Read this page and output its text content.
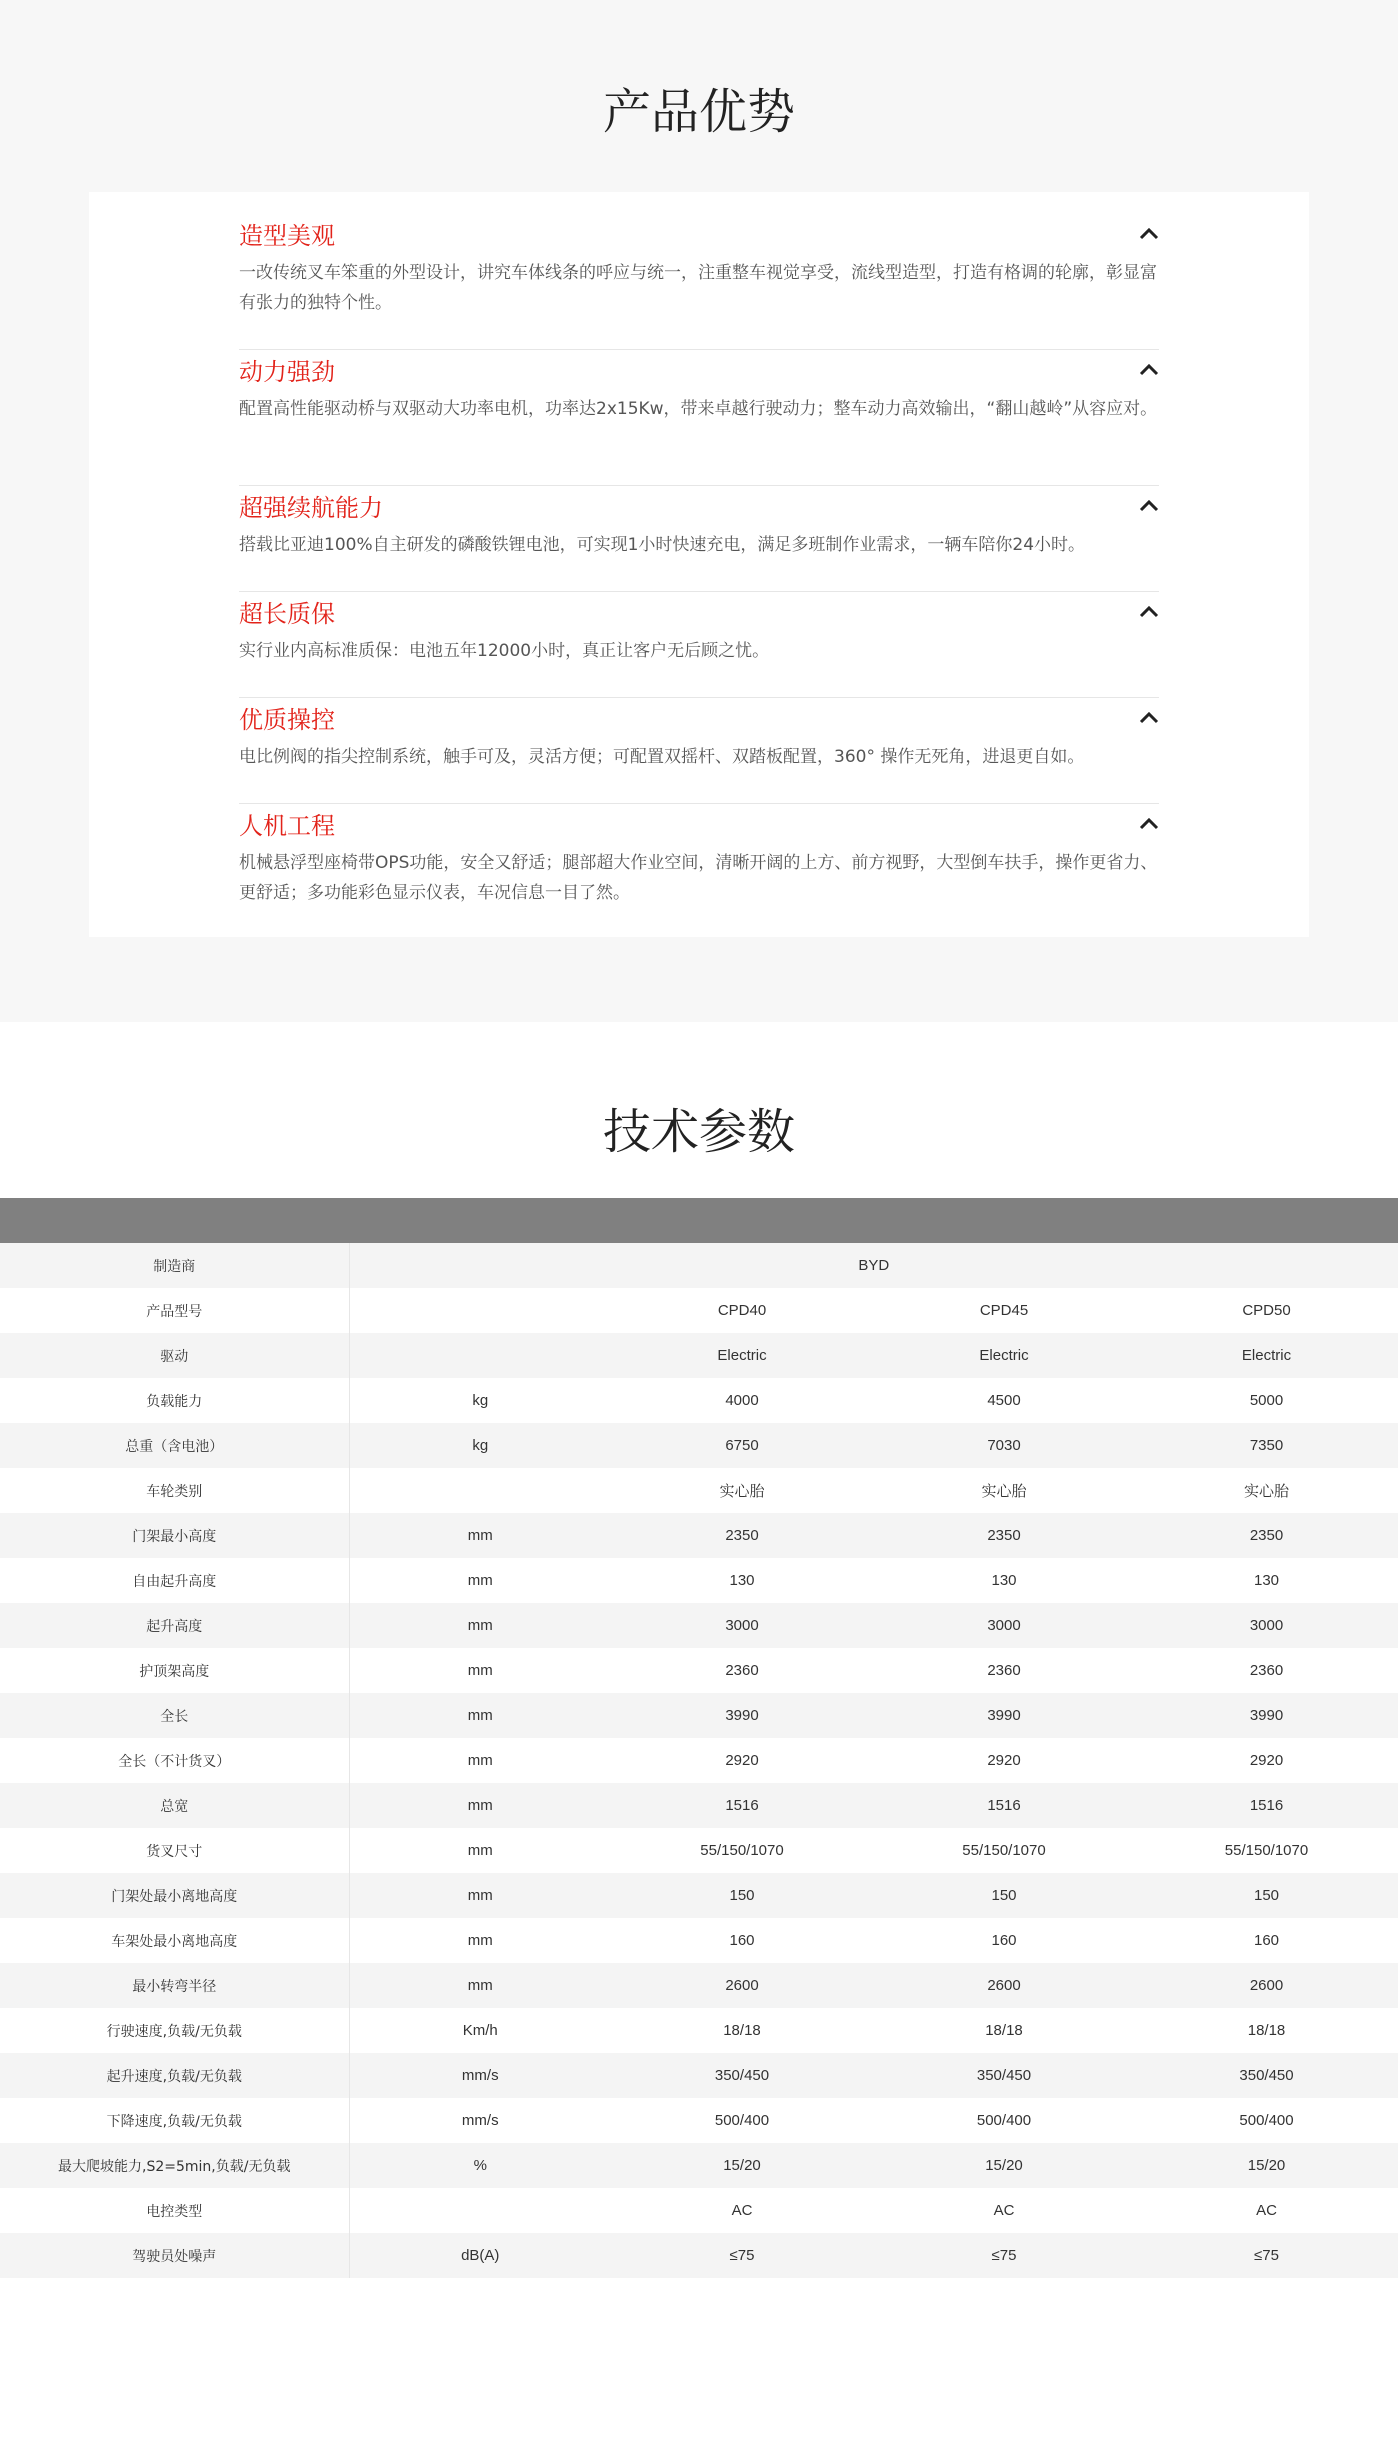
产品优势
造型美观

一改传统叉车笨重的外型设计，讲究车体线条的呼应与统一，注重整车视觉享受，流线型造型，打造有格调的轮廓，彰显富有张力的独特个性。

动力强劲

配置高性能驱动桥与双驱动大功率电机，功率达2x15Kw，带来卓越行驶动力；整车动力高效输出，“翻山越岭”从容应对。

超强续航能力

搭载比亚迪100%自主研发的磷酸铁锂电池，可实现1小时快速充电，满足多班制作业需求，一辆车陪你24小时。

超长质保

实行业内高标准质保：电池五年12000小时，真正让客户无后顾之忧。

优质操控

电比例阀的指尖控制系统，触手可及，灵活方便；可配置双摇杆、双踏板配置，360° 操作无死角，进退更自如。

人机工程

机械悬浮型座椅带OPS功能，安全又舒适；腿部超大作业空间，清晰开阔的上方、前方视野，大型倒车扶手，操作更省力、更舒适；多功能彩色显示仪表，车况信息一目了然。

技术参数
制造商	BYD			
产品型号		CPD40	CPD45	CPD50
驱动		Electric	Electric	Electric
负载能力	kg	4000	4500	5000
总重（含电池）	kg	6750	7030	7350
车轮类别		实心胎	实心胎	实心胎
门架最小高度	mm	2350	2350	2350
自由起升高度	mm	130	130	130
起升高度	mm	3000	3000	3000
护顶架高度	mm	2360	2360	2360
全长	mm	3990	3990	3990
全长（不计货叉）	mm	2920	2920	2920
总宽	mm	1516	1516	1516
货叉尺寸	mm	55/150/1070	55/150/1070	55/150/1070
门架处最小离地高度	mm	150	150	150
车架处最小离地高度	mm	160	160	160
最小转弯半径	mm	2600	2600	2600
行驶速度,负载/无负载	Km/h	18/18	18/18	18/18
起升速度,负载/无负载	mm/s	350/450	350/450	350/450
下降速度,负载/无负载	mm/s	500/400	500/400	500/400
最大爬坡能力,S2=5min,负载/无负载	%	15/20	15/20	15/20
电控类型		AC	AC	AC
驾驶员处噪声	dB(A)	≤75	≤75	≤75
